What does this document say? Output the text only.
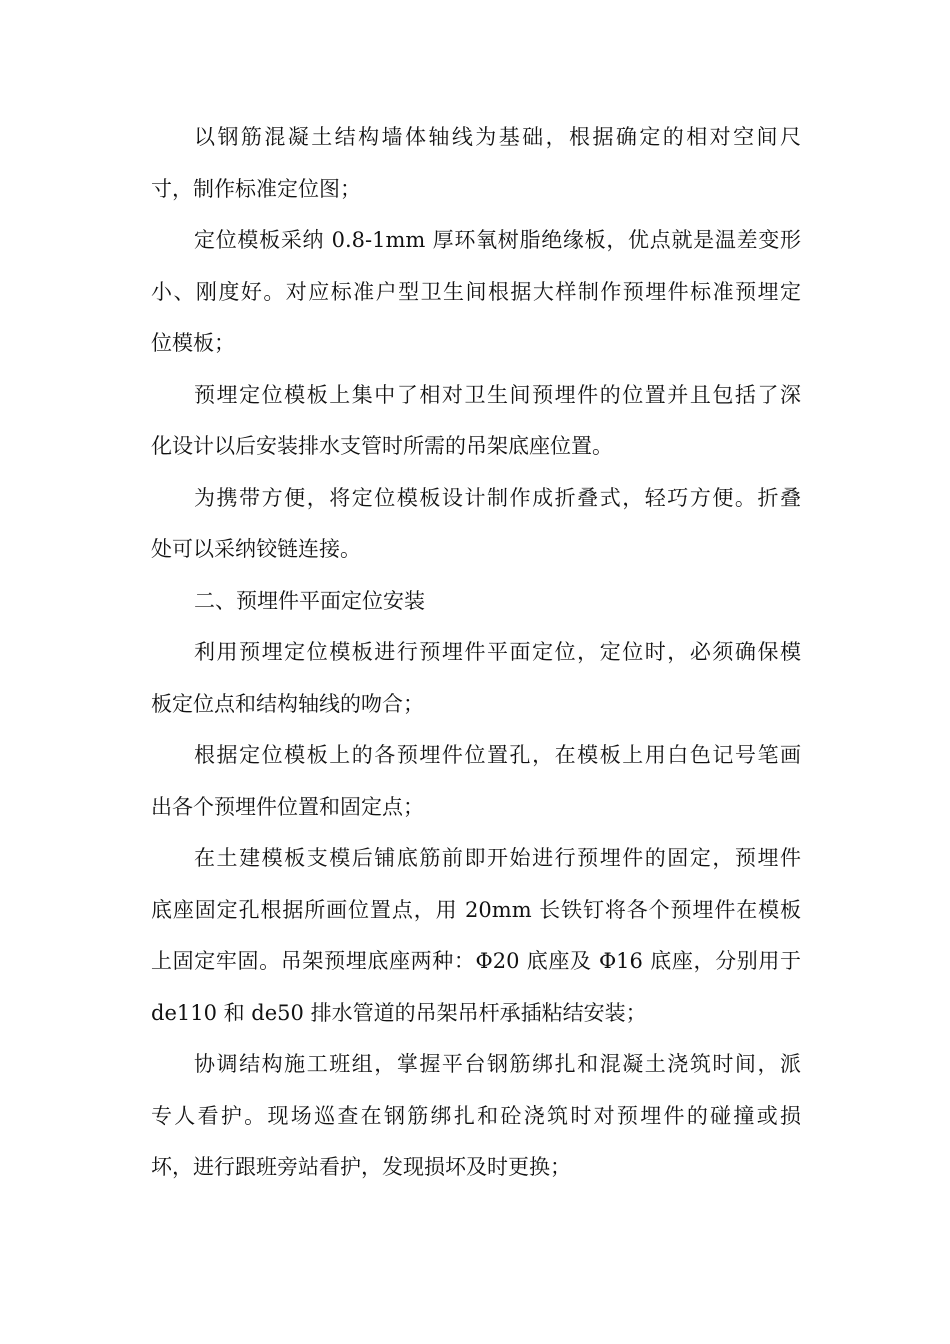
以钢筋混凝土结构墙体轴线为基础，根据确定的相对空间尺
寸，制作标准定位图；
定位模板采纳 0.8-1mm 厚环氧树脂绝缘板，优点就是温差变形
小、刚度好。对应标准户型卫生间根据大样制作预埋件标准预埋定
位模板；
预埋定位模板上集中了相对卫生间预埋件的位置并且包括了深
化设计以后安装排水支管时所需的吊架底座位置。
为携带方便，将定位模板设计制作成折叠式，轻巧方便。折叠
处可以采纳铰链连接。
二、预埋件平面定位安装
利用预埋定位模板进行预埋件平面定位，定位时，必须确保模
板定位点和结构轴线的吻合；
根据定位模板上的各预埋件位置孔，在模板上用白色记号笔画
出各个预埋件位置和固定点；
在土建模板支模后铺底筋前即开始进行预埋件的固定，预埋件
底座固定孔根据所画位置点，用 20mm 长铁钉将各个预埋件在模板
上固定牢固。吊架预埋底座两种：Φ20 底座及 Φ16 底座，分别用于
de110 和 de50 排水管道的吊架吊杆承插粘结安装；
协调结构施工班组，掌握平台钢筋绑扎和混凝土浇筑时间，派
专人看护。现场巡查在钢筋绑扎和砼浇筑时对预埋件的碰撞或损
坏，进行跟班旁站看护，发现损坏及时更换；
